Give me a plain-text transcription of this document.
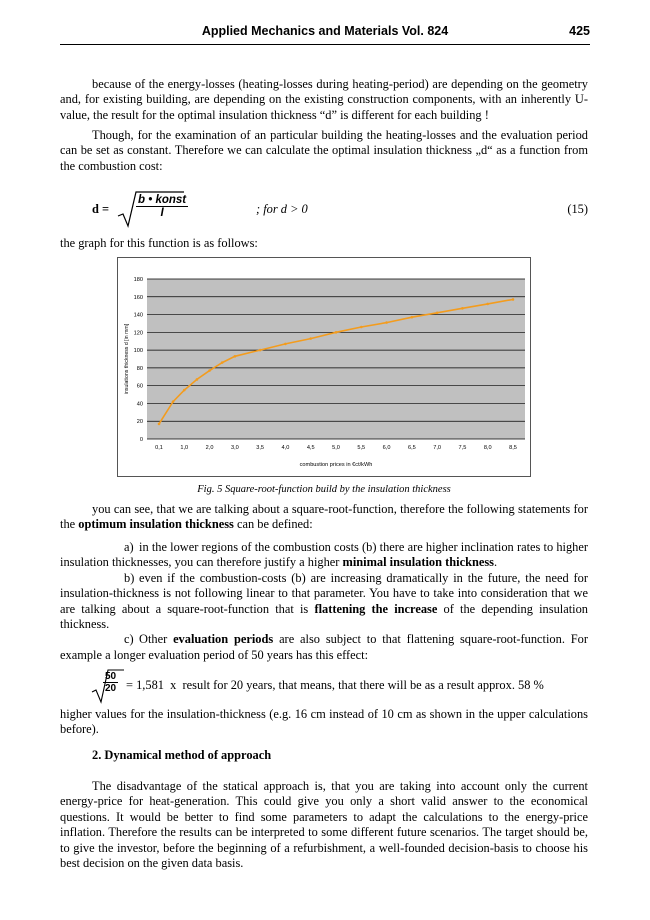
Applied Mechanics and Materials Vol. 824	425

because of the energy-losses (heating-losses during heating-period) are depending on the geometry and, for existing building, are depending on the existing construction components, with an inherently U-value, the result for the optimal insulation thickness “d” is different for each building !

Though, for the examination of an particular building the heating-losses and the evaluation period can be set as constant. Therefore we can calculate the optimal insulation thickness „d“ as a function from the combustion cost:

d =
b • konst
I	; for d > 0	(15)

the graph for this function is as follows:

0
20
40
60
80
100
120
140
160
180
0,1	1,0	2,0	3,0	3,5	4,0	4,5	5,0	5,5	6,0	6,5	7,0	7,5	8,0	8,5
insulations thickness d [in mm]
combustion prices in €ct/kWh
Fig. 5 Square-root-function build by the insulation thickness

you can see, that we are talking about a square-root-function, therefore the following statements for the optimum insulation thickness can be defined:

a) in the lower regions of the combustion costs (b) there are higher inclination rates to higher insulation thicknesses, you can therefore justify a higher minimal insulation thickness.

b) even if the combustion-costs (b) are increasing dramatically in the future, the need for insulation-thickness is not following linear to that parameter. You have to take into consideration that we are talking about a square-root-function that is flattening the increase of the depending insulation thickness.

c) Other evaluation periods are also subject to that flattening square-root-function. For example a longer evaluation period of 50 years has this effect:

$\frac{50}{20} = 1,581$  x  result for 20 years, that means, that there will be as a result approx. 58 %

higher values for the insulation-thickness (e.g. 16 cm instead of 10 cm as shown in the upper calculations before).

2. Dynamical method of approach

The disadvantage of the statical approach is, that you are taking into account only the current energy-price for heat-generation. This could give you only a short valid answer to the economical questions. It would be better to find some parameters to adapt the calculations to the energy-price inflation. Therefore the results can be interpreted to some different future scenarios. The target should be, to give the investor, before the beginning of a refurbishment, a well-founded decision-basis to choose his best decision on the given data basis.
